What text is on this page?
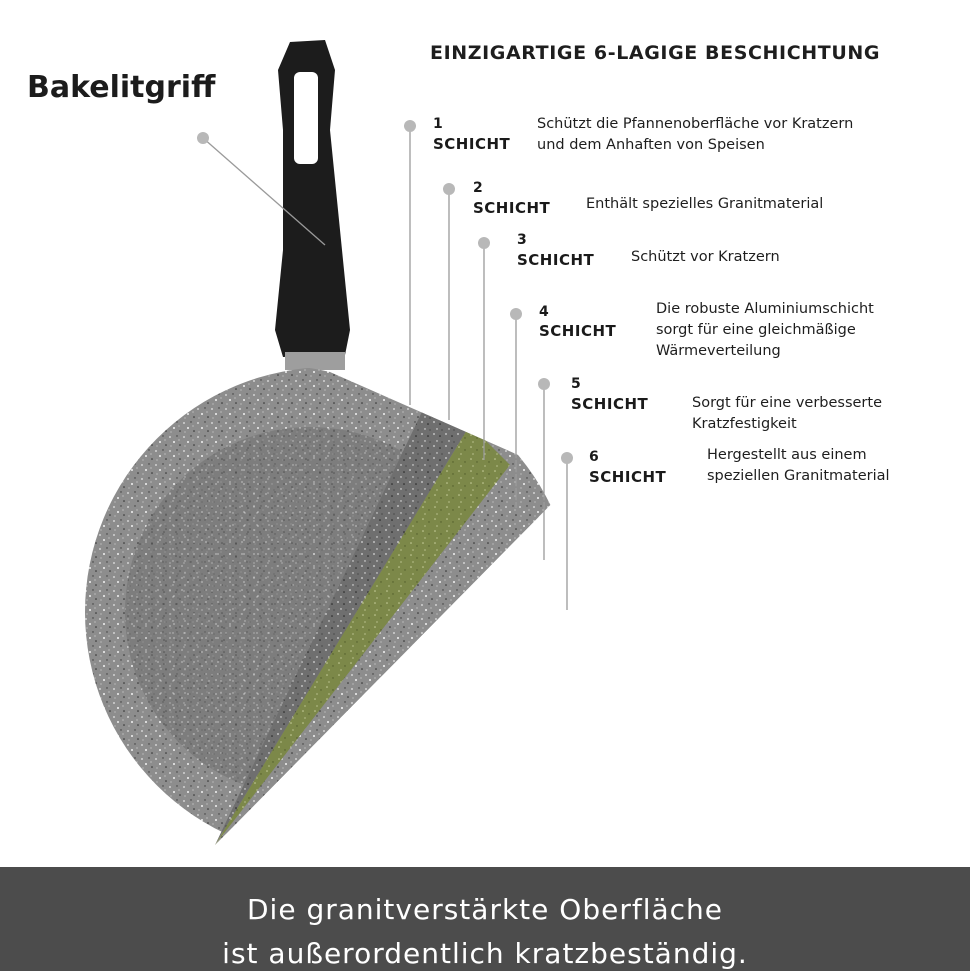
EINZIGARTIGE 6-LAGIGE BESCHICHTUNG
Bakelitgriff
1
SCHICHT
Schützt die Pfannenoberfläche vor Kratzern
und dem Anhaften von Speisen
2
SCHICHT Enthält spezielles Granitmaterial
3
SCHICHT	Schützt vor Kratzern
4
SCHICHT
Die robuste Aluminiumschicht
sorgt für eine gleichmäßige
Wärmeverteilung
5
SCHICHT	Sorgt für eine verbesserte
Kratzfestigkeit
6
SCHICHT
Hergestellt aus einem
speziellen Granitmaterial
Die granitverstärkte Oberfläche
ist außerordentlich kratzbeständig.
